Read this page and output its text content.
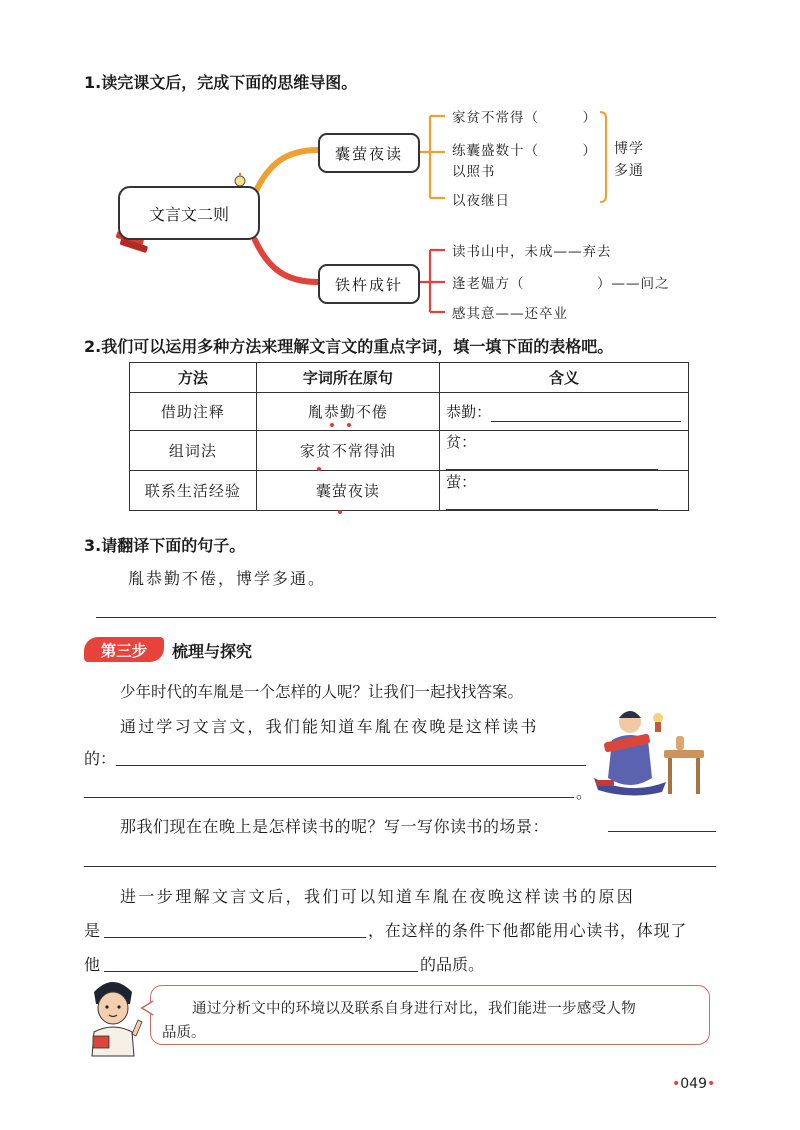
1.读完课文后，完成下面的思维导图。
文言文二则
囊萤夜读
铁杵成针
家贫不常得（　　　）
练囊盛数十（　　　）
以照书
以夜继日
博学
多通
读书山中，未成——弃去
逢老媪方（　　　　　）——问之
感其意——还卒业
2.我们可以运用多种方法来理解文言文的重点字词，填一填下面的表格吧。
方法	字词所在原句	含义
借助注释	胤恭勤不倦	恭勤：
组词法	家贫不常得油	贫：
联系生活经验	囊萤夜读	萤：
3.请翻译下面的句子。
胤恭勤不倦，博学多通。
第三步 梳理与探究
少年时代的车胤是一个怎样的人呢？让我们一起找找答案。
通过学习文言文，我们能知道车胤在夜晚是这样读书
的：
。
那我们现在在晚上是怎样读书的呢？写一写你读书的场景：
进一步理解文言文后，我们可以知道车胤在夜晚这样读书的原因
是	，在这样的条件下他都能用心读书，体现了
他	的品质。
通过分析文中的环境以及联系自身进行对比，我们能进一步感受人物
品质。
•049•
